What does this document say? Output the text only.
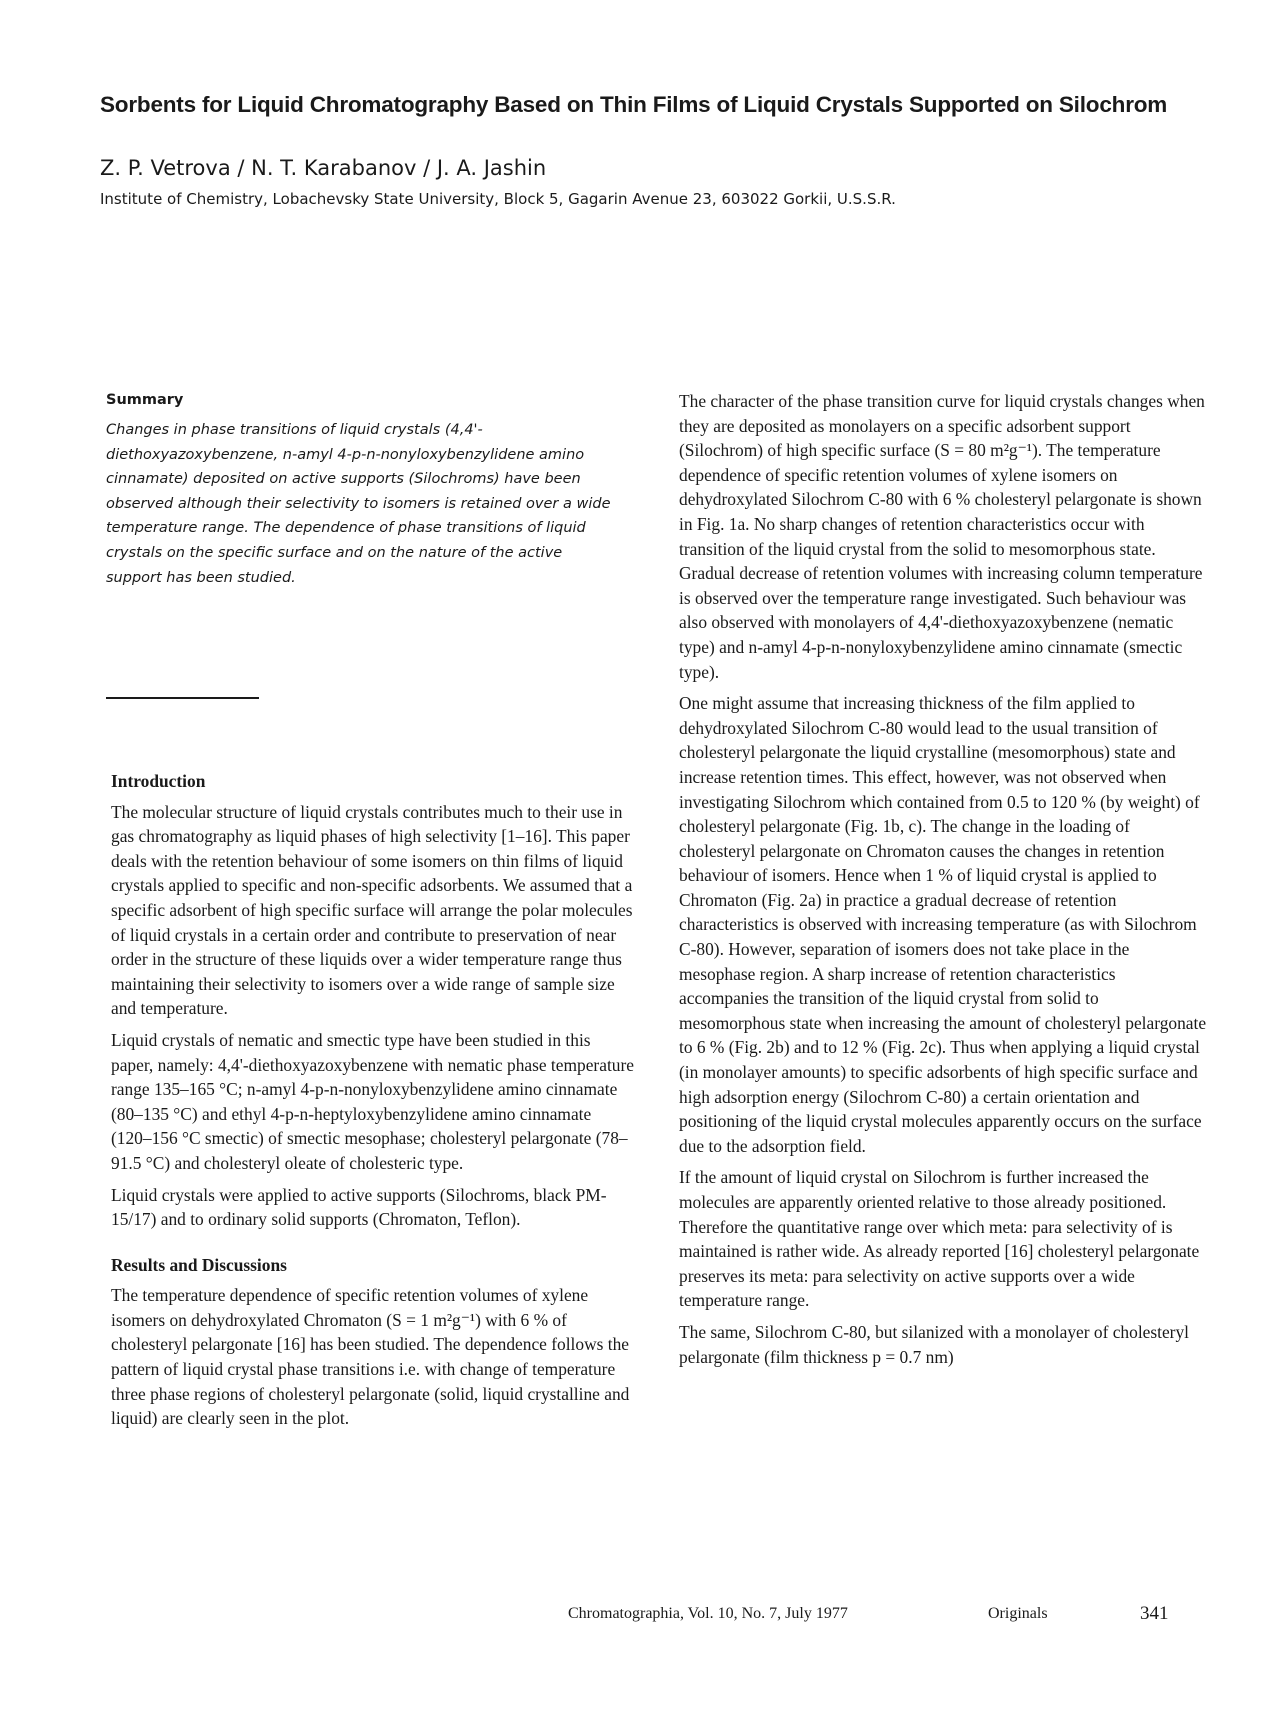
Sorbents for Liquid Chromatography Based on Thin Films of Liquid Crystals Supported on Silochrom
Z. P. Vetrova / N. T. Karabanov / J. A. Jashin
Institute of Chemistry, Lobachevsky State University, Block 5, Gagarin Avenue 23, 603022 Gorkii, U.S.S.R.
Summary
Changes in phase transitions of liquid crystals (4,4'-diethoxyazoxybenzene, n-amyl 4-p-n-nonyloxybenzylidene amino cinnamate) deposited on active supports (Silochroms) have been observed although their selectivity to isomers is retained over a wide temperature range. The dependence of phase transitions of liquid crystals on the specific surface and on the nature of the active support has been studied.
Introduction

The molecular structure of liquid crystals contributes much to their use in gas chromatography as liquid phases of high selectivity [1–16]. This paper deals with the retention behaviour of some isomers on thin films of liquid crystals applied to specific and non-specific adsorbents. We assumed that a specific adsorbent of high specific surface will arrange the polar molecules of liquid crystals in a certain order and contribute to preservation of near order in the structure of these liquids over a wider temperature range thus maintaining their selectivity to isomers over a wide range of sample size and temperature.

Liquid crystals of nematic and smectic type have been studied in this paper, namely: 4,4'-diethoxyazoxybenzene with nematic phase temperature range 135–165 °C; n-amyl 4-p-n-nonyloxybenzylidene amino cinnamate (80–135 °C) and ethyl 4-p-n-heptyloxybenzylidene amino cinnamate (120–156 °C smectic) of smectic mesophase; cholesteryl pelargonate (78–91.5 °C) and cholesteryl oleate of cholesteric type.

Liquid crystals were applied to active supports (Silochroms, black PM-15/17) and to ordinary solid supports (Chromaton, Teflon).

Results and Discussions

The temperature dependence of specific retention volumes of xylene isomers on dehydroxylated Chromaton (S = 1 m²g⁻¹) with 6 % of cholesteryl pelargonate [16] has been studied. The dependence follows the pattern of liquid crystal phase transitions i.e. with change of temperature three phase regions of cholesteryl pelargonate (solid, liquid crystalline and liquid) are clearly seen in the plot.

The character of the phase transition curve for liquid crystals changes when they are deposited as monolayers on a specific adsorbent support (Silochrom) of high specific surface (S = 80 m²g⁻¹). The temperature dependence of specific retention volumes of xylene isomers on dehydroxylated Silochrom C-80 with 6 % cholesteryl pelargonate is shown in Fig. 1a. No sharp changes of retention characteristics occur with transition of the liquid crystal from the solid to mesomorphous state. Gradual decrease of retention volumes with increasing column temperature is observed over the temperature range investigated. Such behaviour was also observed with monolayers of 4,4'-diethoxyazoxybenzene (nematic type) and n-amyl 4-p-n-nonyloxybenzylidene amino cinnamate (smectic type).

One might assume that increasing thickness of the film applied to dehydroxylated Silochrom C-80 would lead to the usual transition of cholesteryl pelargonate the liquid crystalline (mesomorphous) state and increase retention times. This effect, however, was not observed when investigating Silochrom which contained from 0.5 to 120 % (by weight) of cholesteryl pelargonate (Fig. 1b, c). The change in the loading of cholesteryl pelargonate on Chromaton causes the changes in retention behaviour of isomers. Hence when 1 % of liquid crystal is applied to Chromaton (Fig. 2a) in practice a gradual decrease of retention characteristics is observed with increasing temperature (as with Silochrom C-80). However, separation of isomers does not take place in the mesophase region. A sharp increase of retention characteristics accompanies the transition of the liquid crystal from solid to mesomorphous state when increasing the amount of cholesteryl pelargonate to 6 % (Fig. 2b) and to 12 % (Fig. 2c). Thus when applying a liquid crystal (in monolayer amounts) to specific adsorbents of high specific surface and high adsorption energy (Silochrom C-80) a certain orientation and positioning of the liquid crystal molecules apparently occurs on the surface due to the adsorption field.

If the amount of liquid crystal on Silochrom is further increased the molecules are apparently oriented relative to those already positioned. Therefore the quantitative range over which meta: para selectivity of is maintained is rather wide. As already reported [16] cholesteryl pelargonate preserves its meta: para selectivity on active supports over a wide temperature range.

The same, Silochrom C-80, but silanized with a monolayer of cholesteryl pelargonate (film thickness p = 0.7 nm)

Chromatographia, Vol. 10, No. 7, July 1977	Originals	341
